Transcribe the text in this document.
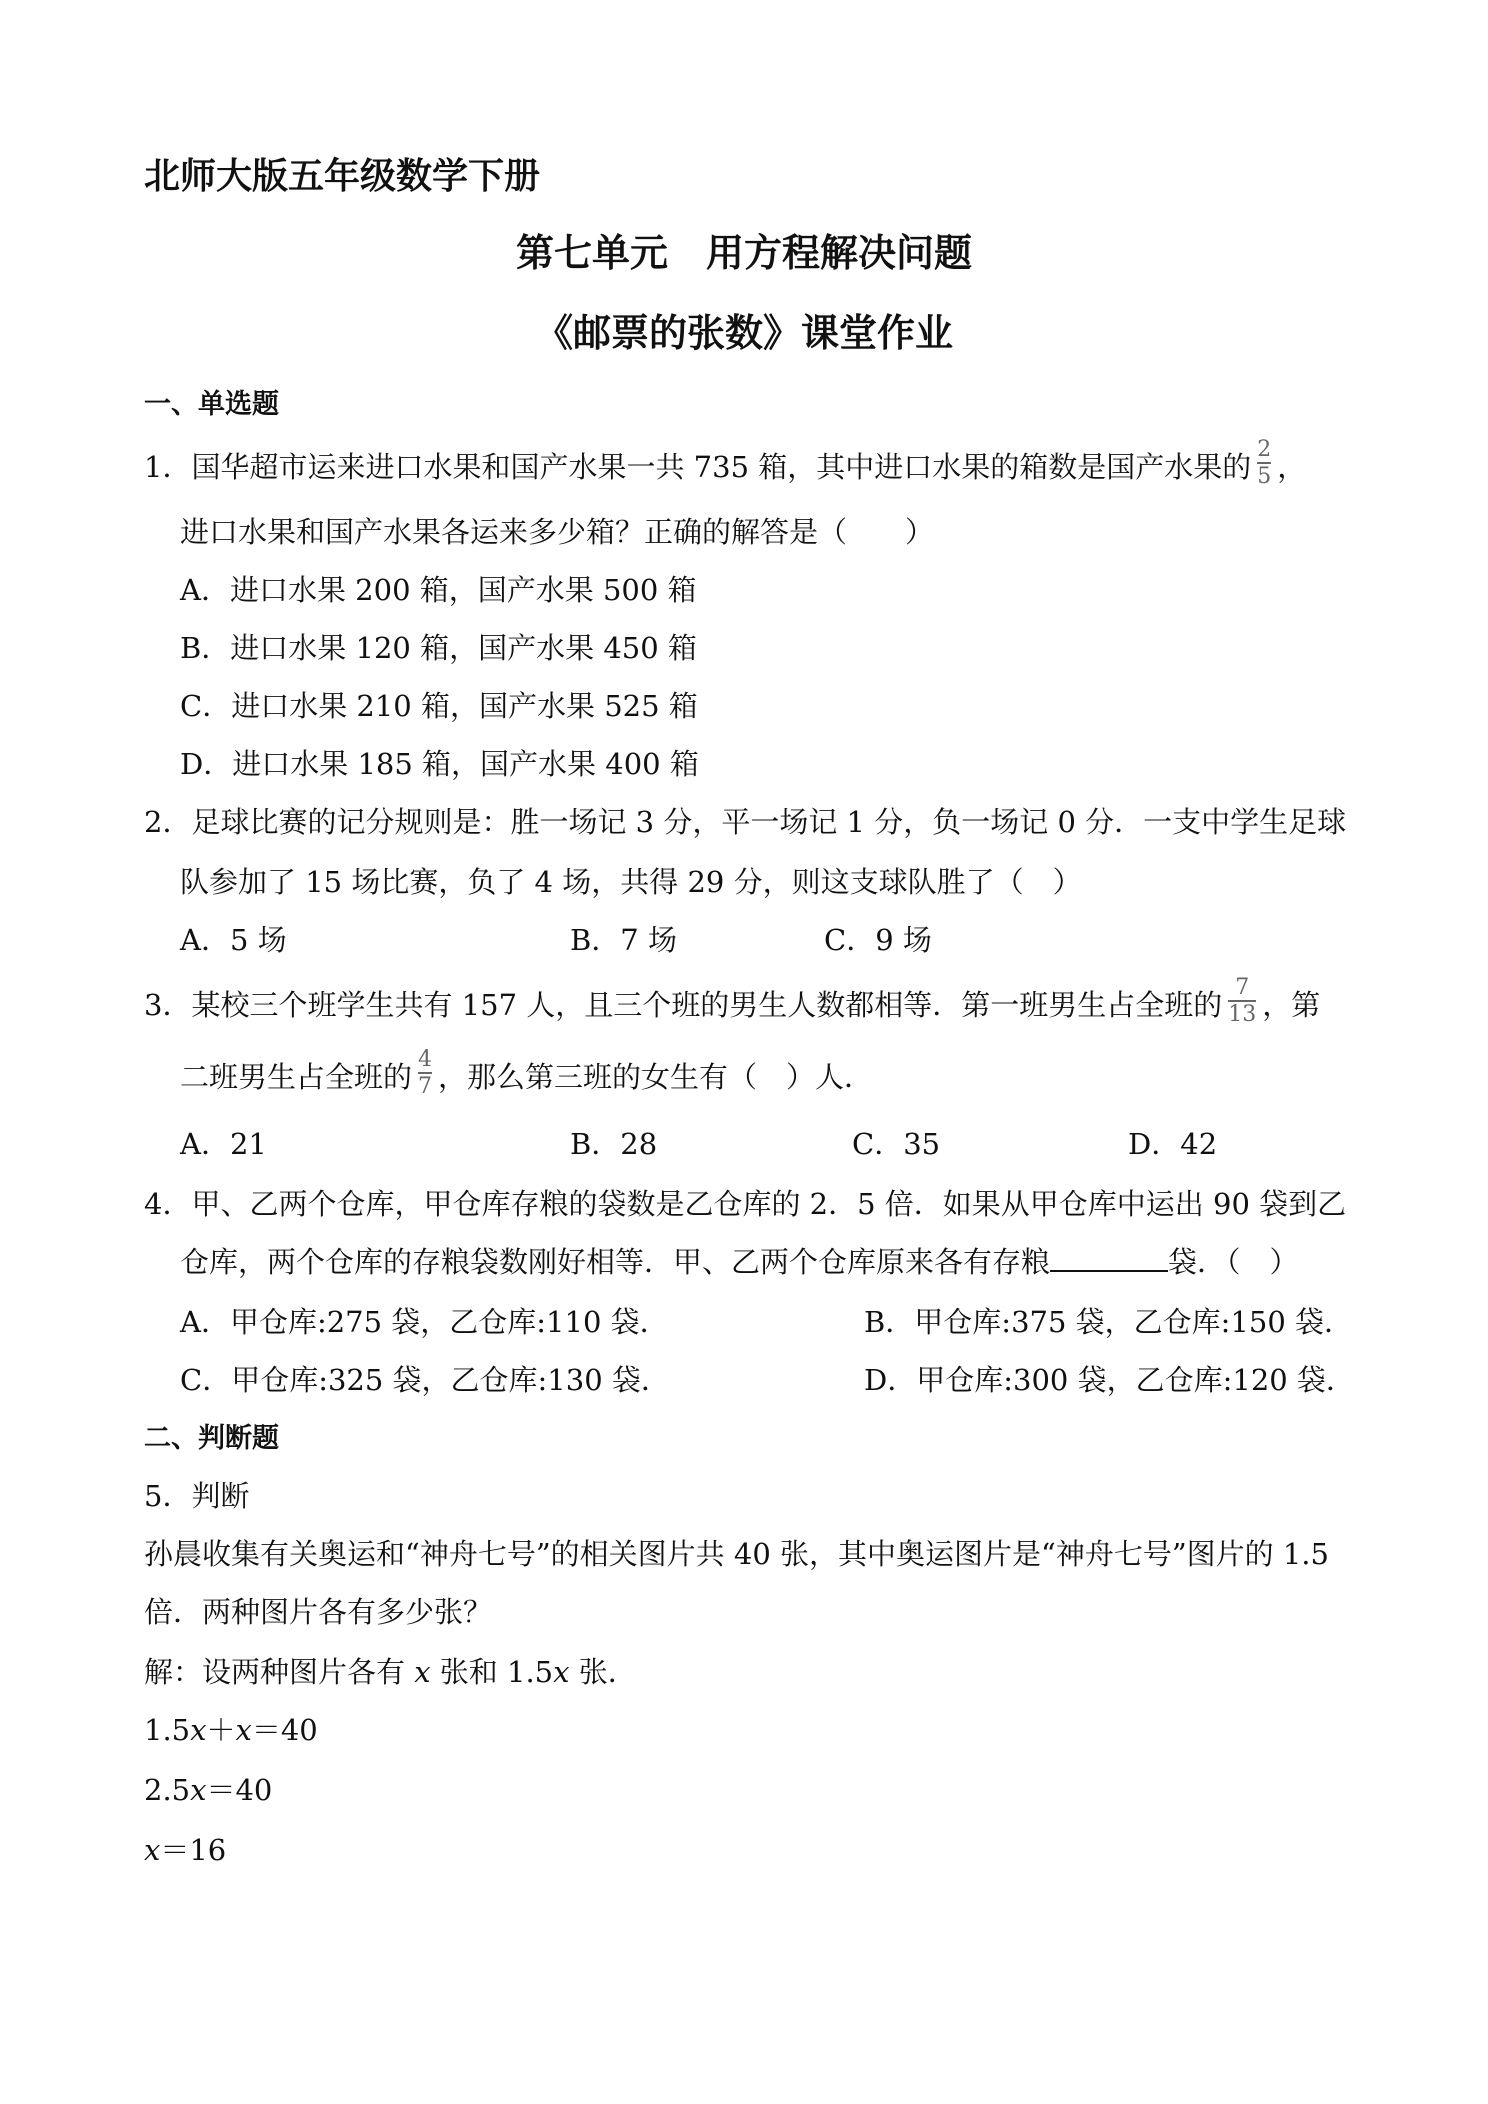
北师大版五年级数学下册
第七单元　用方程解决问题
《邮票的张数》课堂作业
一、单选题
1．国华超市运来进口水果和国产水果一共 735 箱，其中进口水果的箱数是国产水果的 $\frac{2}{5}$ ，
进口水果和国产水果各运来多少箱？正确的解答是（　　）
A．进口水果 200 箱，国产水果 500 箱
B．进口水果 120 箱，国产水果 450 箱
C．进口水果 210 箱，国产水果 525 箱
D．进口水果 185 箱，国产水果 400 箱
2．足球比赛的记分规则是：胜一场记 3 分，平一场记 1 分，负一场记 0 分．一支中学生足球
队参加了 15 场比赛，负了 4 场，共得 29 分，则这支球队胜了（　）
A．5 场	B．7 场	C．9 场
3．某校三个班学生共有 157 人，且三个班的男生人数都相等．第一班男生占全班的 $\frac{7}{13}$ ，第
二班男生占全班的 $\frac{4}{7}$ ，那么第三班的女生有（　）人．
A．21	B．28	C．35	D．42
4．甲、乙两个仓库，甲仓库存粮的袋数是乙仓库的 2．5 倍．如果从甲仓库中运出 90 袋到乙
仓库，两个仓库的存粮袋数刚好相等．甲、乙两个仓库原来各有存粮	袋．（　）
A．甲仓库:275 袋，乙仓库:110 袋．	B．甲仓库:375 袋，乙仓库:150 袋．
C．甲仓库:325 袋，乙仓库:130 袋．	D．甲仓库:300 袋，乙仓库:120 袋．
二、判断题
5．判断
孙晨收集有关奥运和“神舟七号”的相关图片共 40 张，其中奥运图片是“神舟七号”图片的 1.5
倍．两种图片各有多少张？
解：设两种图片各有 x 张和 1.5x 张．
1.5x＋x＝40
2.5x＝40
x＝16
